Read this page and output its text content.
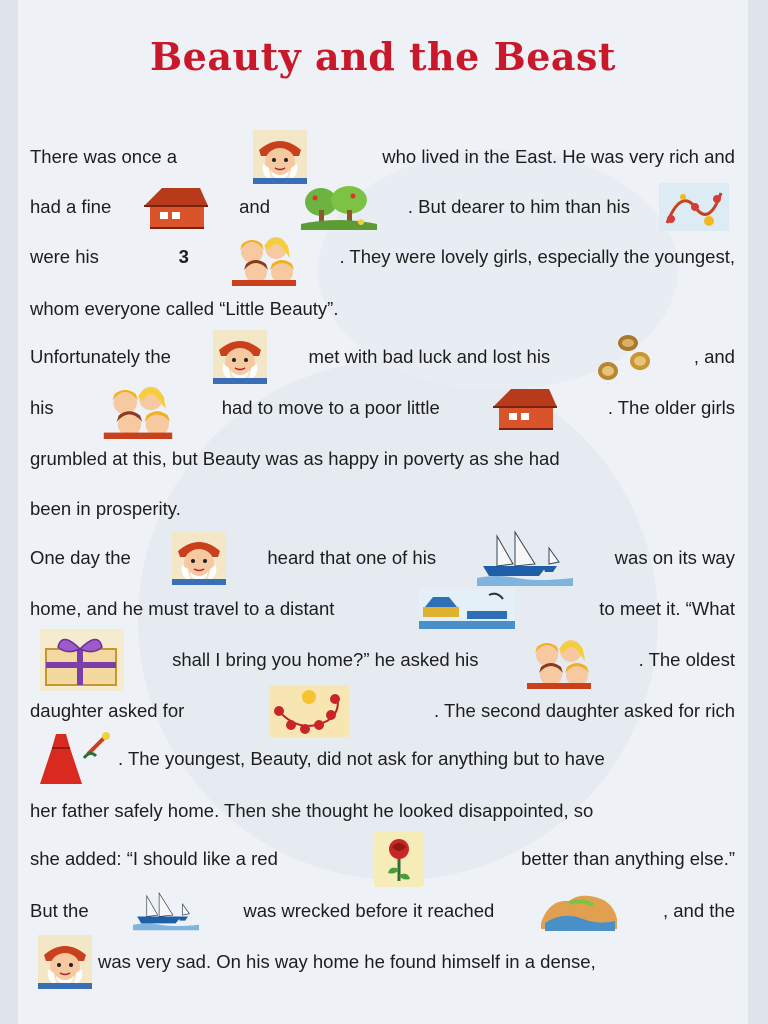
Beauty and the Beast
There was once a	who lived in the East. He was very rich and
had a fine	and	. But dearer to him than his
were his
	3	. They were lovely girls, especially the youngest,
whom everyone called “Little Beauty”.
Unfortunately the	met with bad luck and lost his	, and
his	had to move to a poor little	. The older girls
grumbled at this, but Beauty was as happy in poverty as she had
been in prosperity.
One day the	heard that one of his	was on its way
home, and he must travel to a distant	to meet it. “What
shall I bring you home?” he asked his	. The oldest
daughter asked for	. The second daughter asked for rich
. The youngest, Beauty, did not ask for anything but to have
her father safely home. Then she thought he looked disappointed, so
she added: “I should like a red	better than anything else.”
But the	was wrecked before it reached	, and the
was very sad. On his way home he found himself in a dense,
